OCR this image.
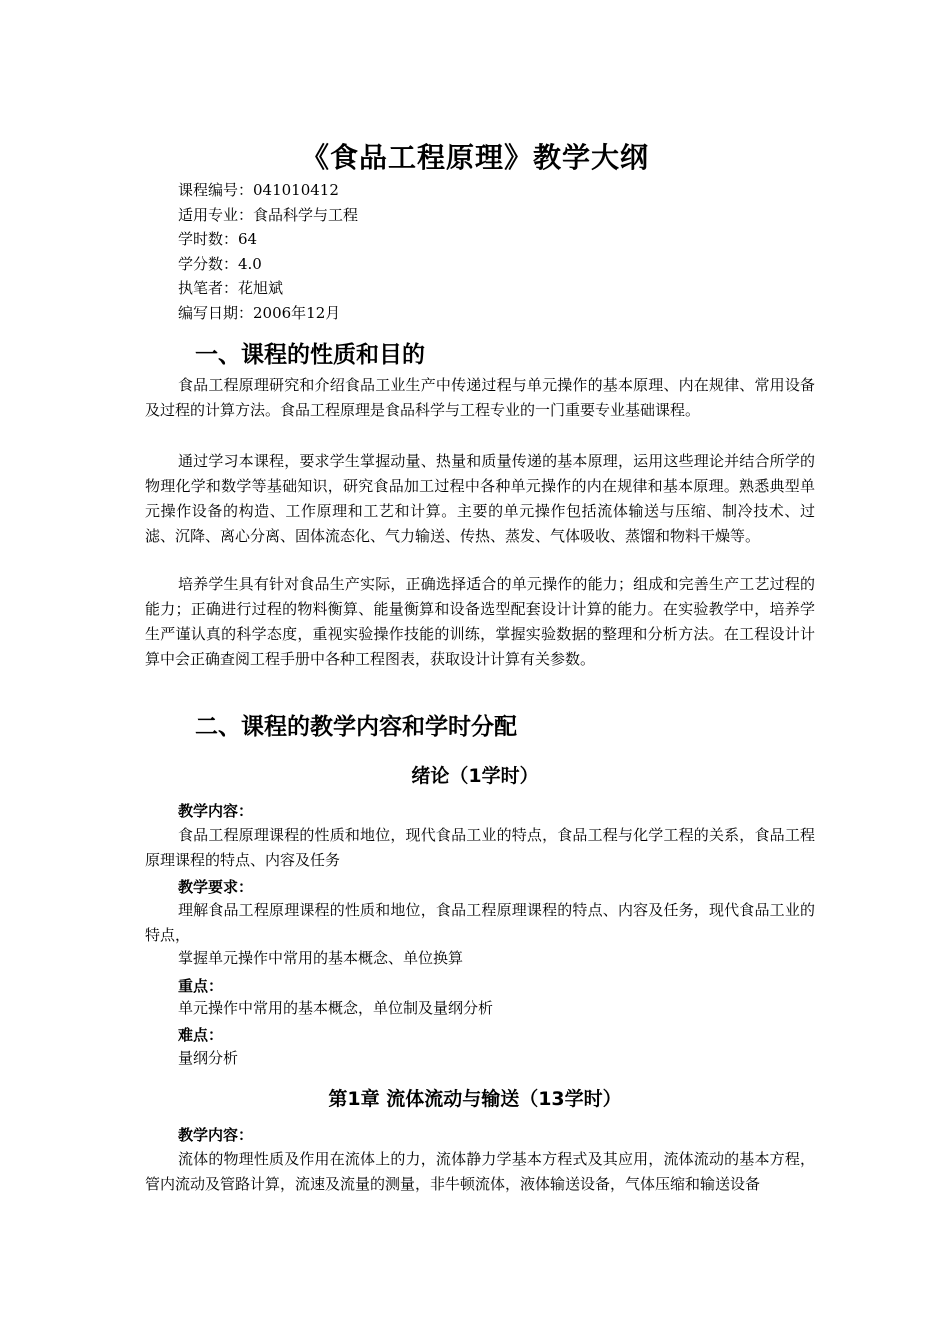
《食品工程原理》教学大纲
课程编号：041010412
适用专业：食品科学与工程
学时数：64
学分数：4.0
执笔者：花旭斌
编写日期：2006年12月
一、课程的性质和目的
食品工程原理研究和介绍食品工业生产中传递过程与单元操作的基本原理、内在规律、常用设备及过程的计算方法。食品工程原理是食品科学与工程专业的一门重要专业基础课程。
通过学习本课程，要求学生掌握动量、热量和质量传递的基本原理，运用这些理论并结合所学的物理化学和数学等基础知识，研究食品加工过程中各种单元操作的内在规律和基本原理。熟悉典型单元操作设备的构造、工作原理和工艺和计算。主要的单元操作包括流体输送与压缩、制冷技术、过滤、沉降、离心分离、固体流态化、气力输送、传热、蒸发、气体吸收、蒸馏和物料干燥等。
培养学生具有针对食品生产实际，正确选择适合的单元操作的能力；组成和完善生产工艺过程的能力；正确进行过程的物料衡算、能量衡算和设备选型配套设计计算的能力。在实验教学中，培养学生严谨认真的科学态度，重视实验操作技能的训练，掌握实验数据的整理和分析方法。在工程设计计算中会正确查阅工程手册中各种工程图表，获取设计计算有关参数。
二、课程的教学内容和学时分配
绪论（1学时）
教学内容：
食品工程原理课程的性质和地位，现代食品工业的特点，食品工程与化学工程的关系，食品工程原理课程的特点、内容及任务
教学要求：
理解食品工程原理课程的性质和地位，食品工程原理课程的特点、内容及任务，现代食品工业的特点，
掌握单元操作中常用的基本概念、单位换算
重点：
单元操作中常用的基本概念，单位制及量纲分析
难点：
量纲分析
第1章 流体流动与输送（13学时）
教学内容：
流体的物理性质及作用在流体上的力，流体静力学基本方程式及其应用，流体流动的基本方程，管内流动及管路计算，流速及流量的测量，非牛顿流体，液体输送设备，气体压缩和输送设备
